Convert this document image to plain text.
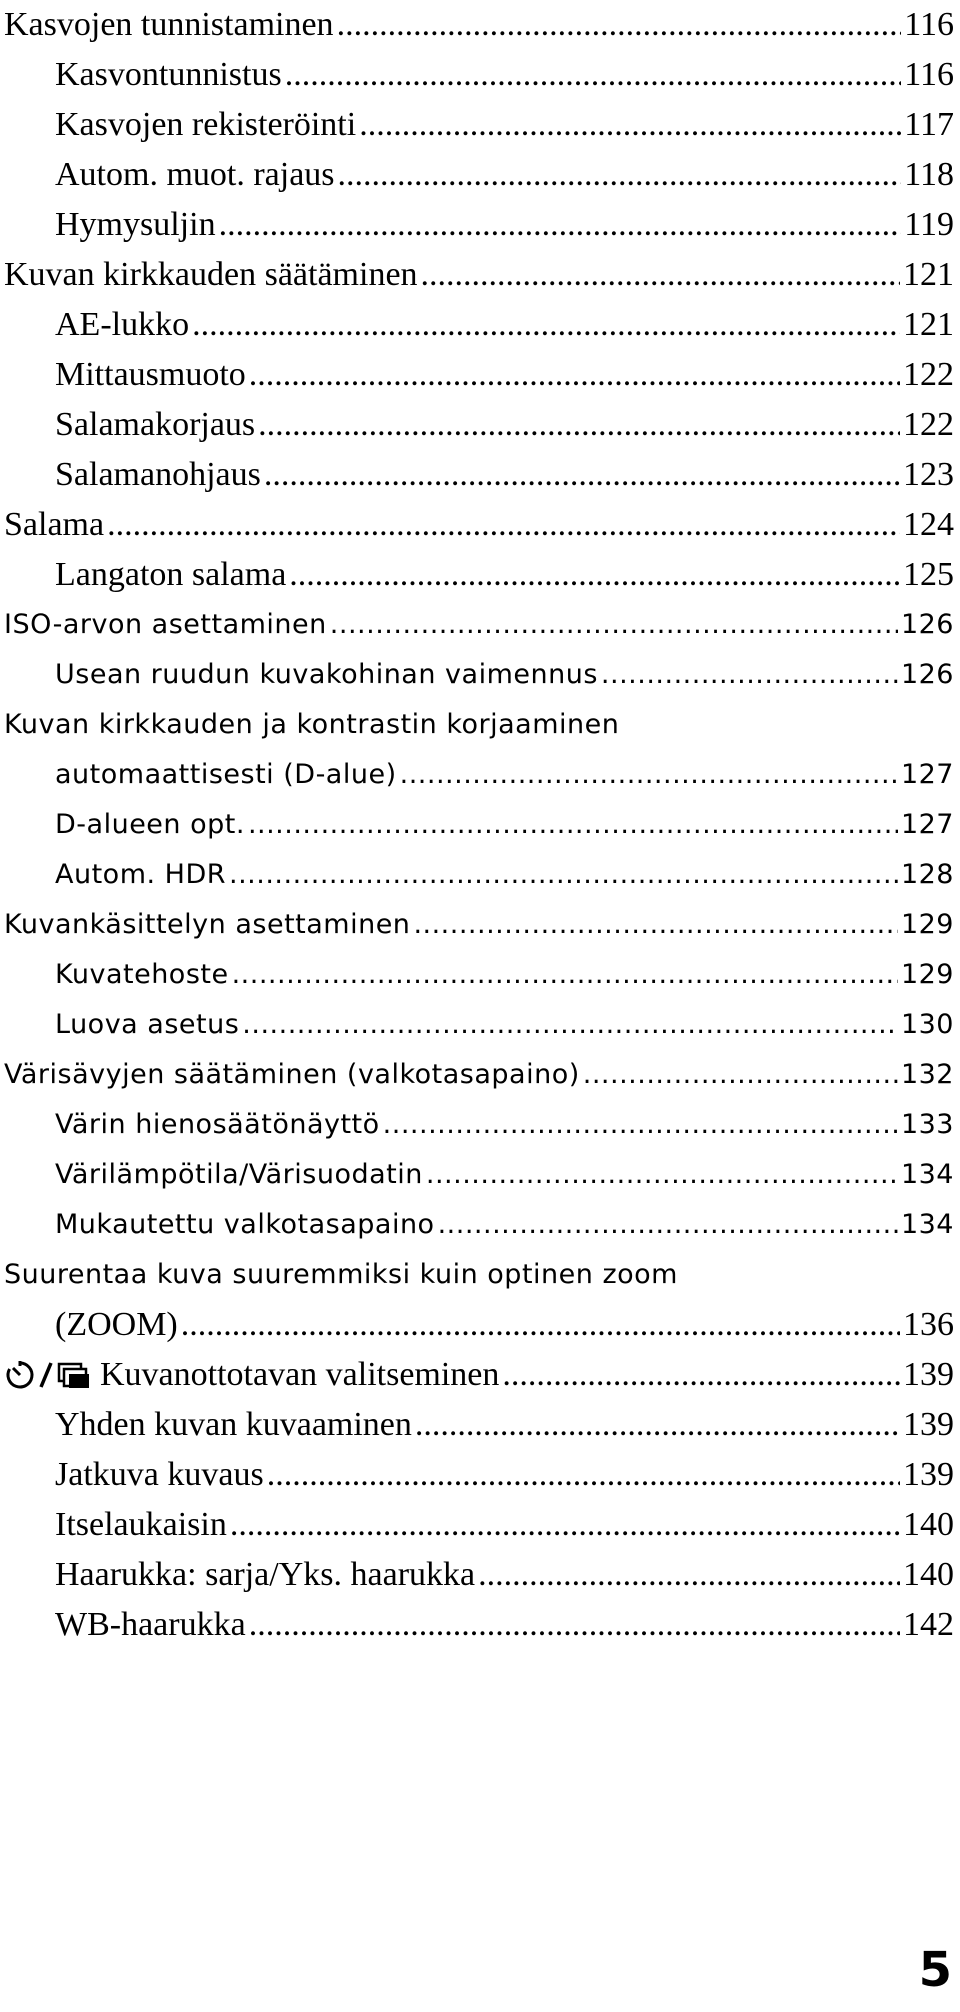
Kasvojen tunnistaminen .....	116
Kasvontunnistus .....	116
Kasvojen rekisteröinti .....	117
Autom. muot. rajaus .....	118
Hymysuljin .....	119
Kuvan kirkkauden säätäminen .....	121
AE-lukko .....	121
Mittausmuoto .....	122
Salamakorjaus .....	122
Salamanohjaus .....	123
Salama .....	124
Langaton salama .....	125
ISO-arvon asettaminen .....	126
Usean ruudun kuvakohinan vaimennus .....	126
Kuvan kirkkauden ja kontrastin korjaaminen
automaattisesti (D-alue) .....	127
D-alueen opt. .....	127
Autom. HDR .....	128
Kuvankäsittelyn asettaminen .....	129
Kuvatehoste .....	129
Luova asetus .....	130
Värisävyjen säätäminen (valkotasapaino) .....	132
Värin hienosäätönäyttö .....	133
Värilämpötila/Värisuodatin .....	134
Mukautettu valkotasapaino .....	134
Suurentaa kuva suuremmiksi kuin optinen zoom
(ZOOM) .....	136
Kuvanottotavan valitseminen .....	139
Yhden kuvan kuvaaminen .....	139
Jatkuva kuvaus .....	139
Itselaukaisin .....	140
Haarukka: sarja/Yks. haarukka .....	140
WB-haarukka .....	142
5
